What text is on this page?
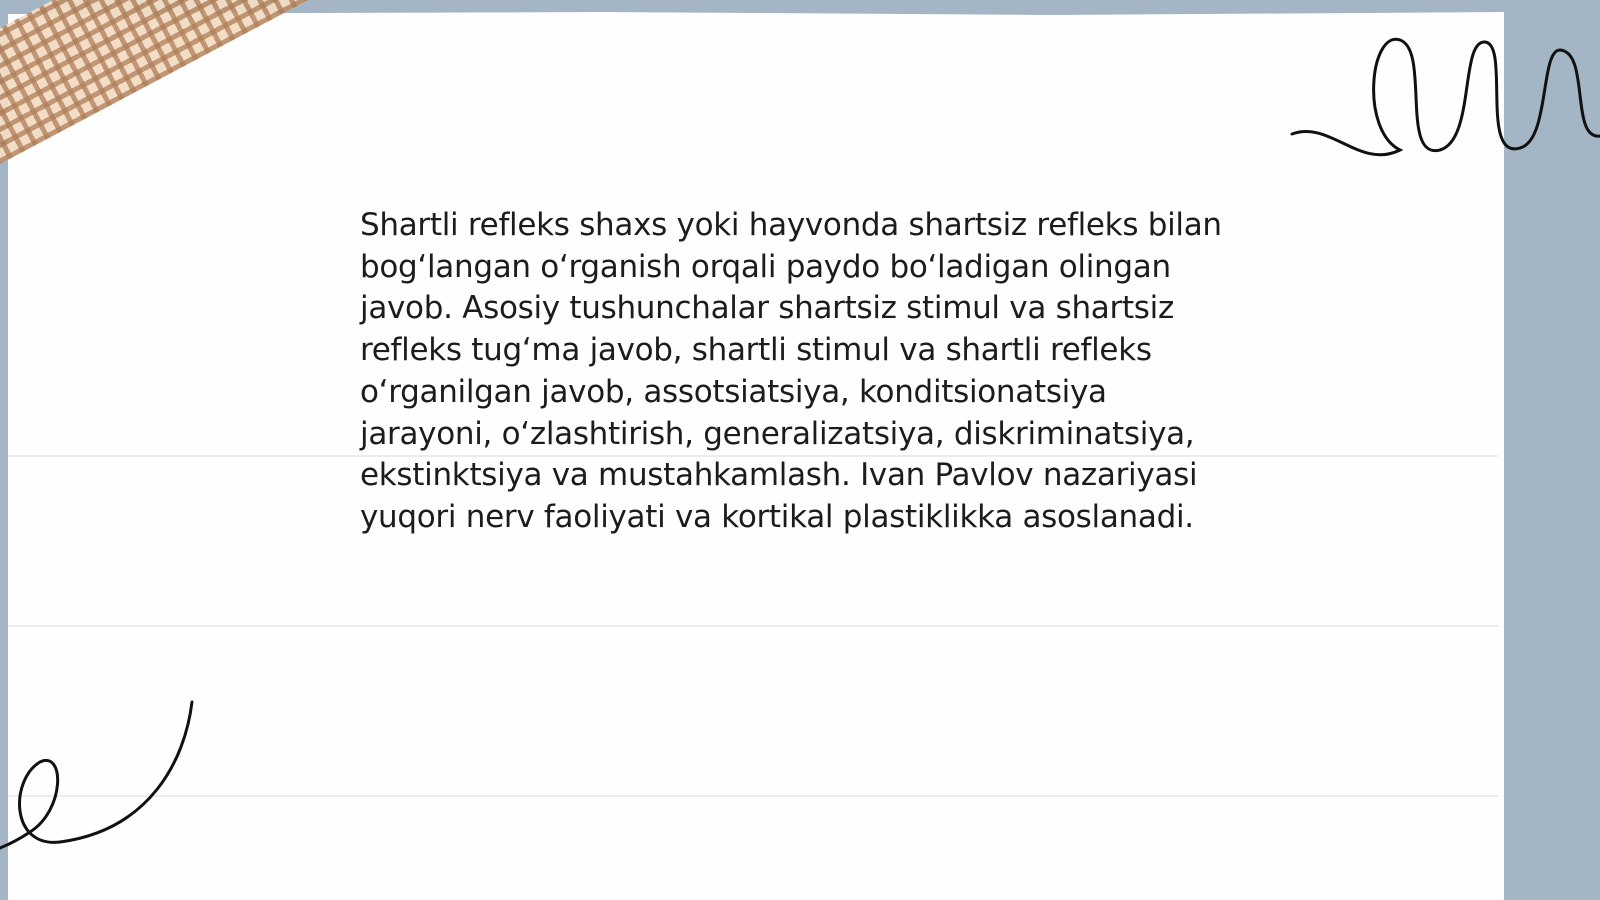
Shartli refleks shaxs yoki hayvonda shartsiz refleks bilan bog‘langan o‘rganish orqali paydo bo‘ladigan olingan javob. Asosiy tushunchalar shartsiz stimul va shartsiz refleks tug‘ma javob, shartli stimul va shartli refleks o‘rganilgan javob, assotsiatsiya, konditsionatsiya jarayoni, o‘zlashtirish, generalizatsiya, diskriminatsiya, ekstinktsiya va mustahkamlash. Ivan Pavlov nazariyasi yuqori nerv faoliyati va kortikal plastiklikka asoslanadi.
